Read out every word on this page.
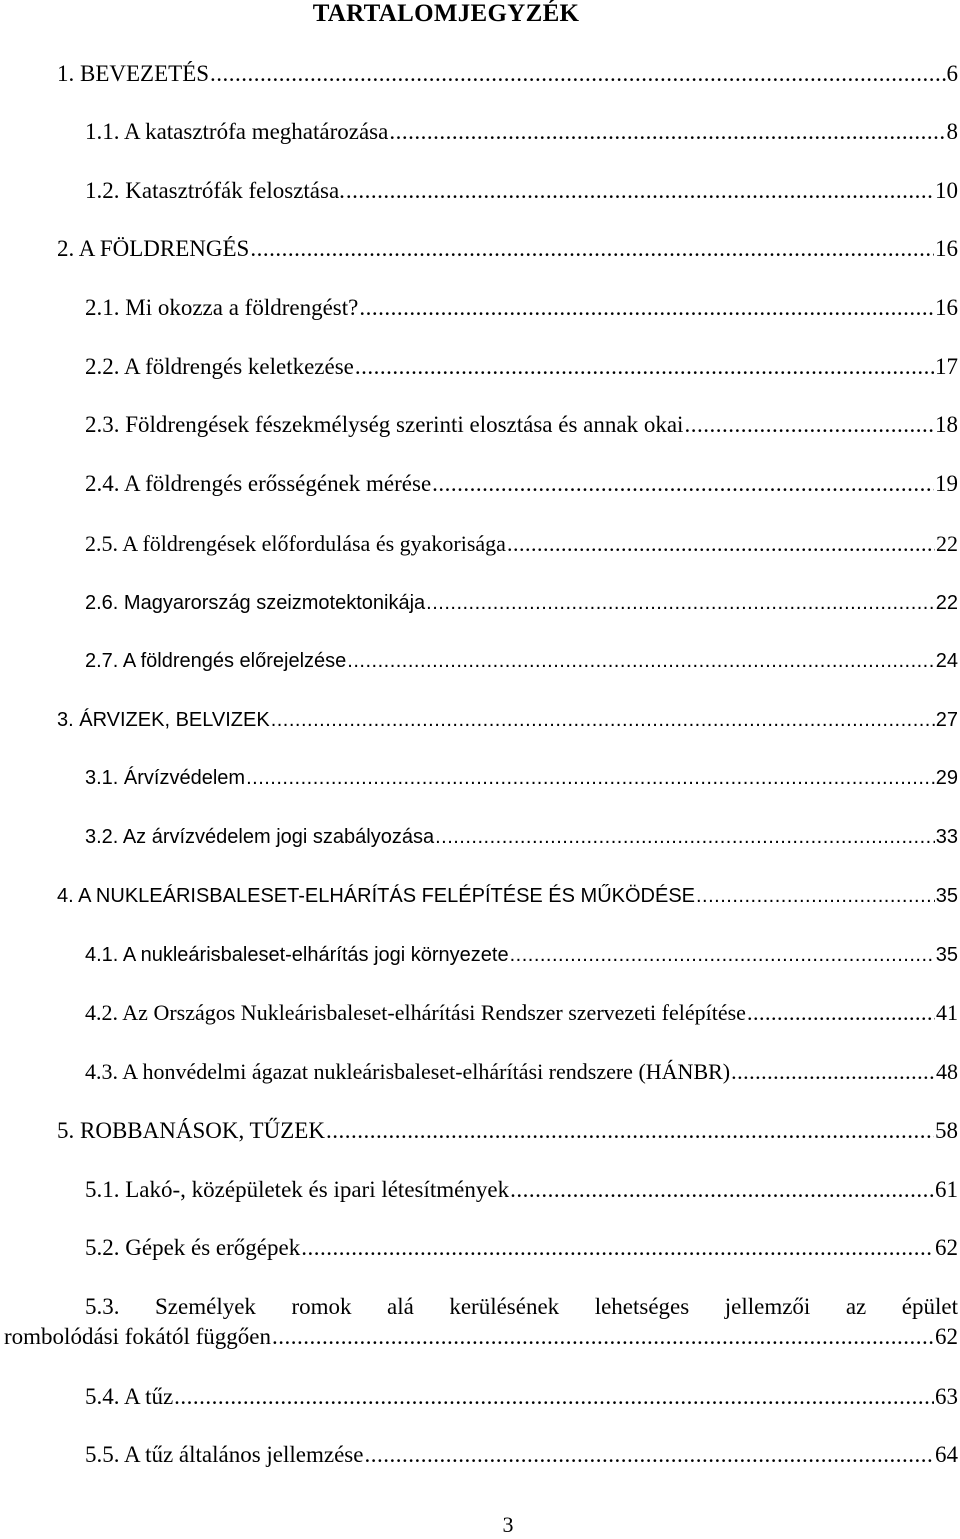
TARTALOMJEGYZÉK
1. BEVEZETÉS .....	6
1.1. A katasztrófa meghatározása .....	8
1.2. Katasztrófák felosztása. .....	10
2. A FÖLDRENGÉS .....	16
2.1. Mi okozza a földrengést? .....	16
2.2. A földrengés keletkezése .....	17
2.3. Földrengések fészekmélység szerinti elosztása és annak okai .....	18
2.4. A földrengés erősségének mérése .....	19
2.5. A földrengések előfordulása és gyakorisága .....	22
2.6. Magyarország szeizmotektonikája .....	22
2.7. A földrengés előrejelzése .....	24
3. ÁRVIZEK, BELVIZEK .....	27
3.1. Árvízvédelem .....	29
3.2. Az árvízvédelem jogi szabályozása .....	33
4. A NUKLEÁRISBALESET-ELHÁRÍTÁS FELÉPÍTÉSE ÉS MŰKÖDÉSE .....	35
4.1. A nukleárisbaleset-elhárítás jogi környezete .....	35
4.2. Az Országos Nukleárisbaleset-elhárítási Rendszer szervezeti felépítése .....	41
4.3. A honvédelmi ágazat nukleárisbaleset-elhárítási rendszere (HÁNBR) .....	48
5. ROBBANÁSOK, TŰZEK .....	58
5.1. Lakó-, középületek és ipari létesítmények .....	61
5.2. Gépek és erőgépek .....	62
5.3. Személyek romok alá kerülésének lehetséges jellemzői az épület
rombolódási fokától függően .....	62
5.4. A tűz .....	63
5.5. A tűz általános jellemzése .....	64
3
